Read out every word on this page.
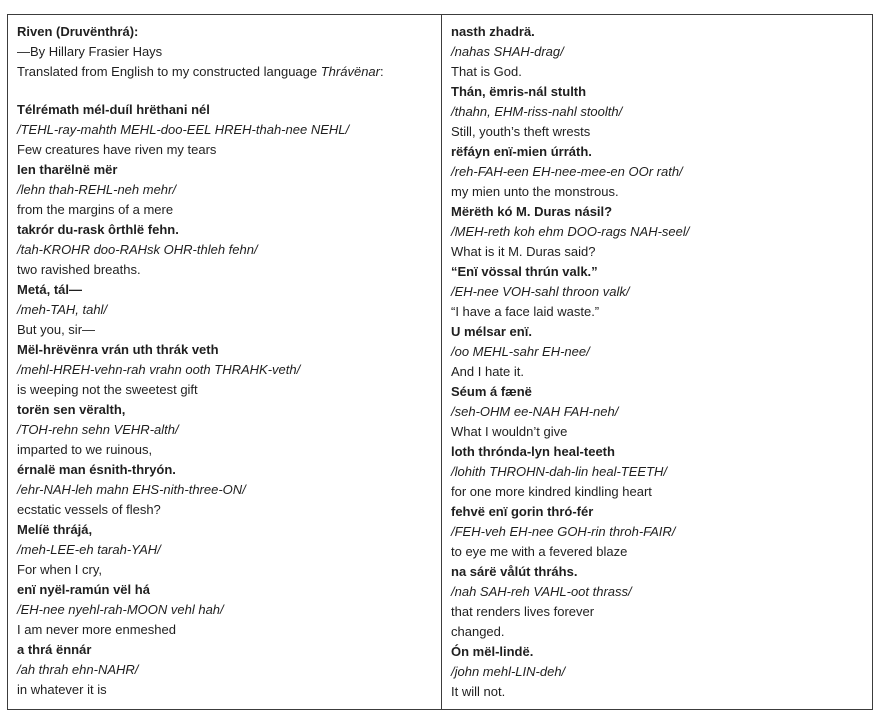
Riven (Druvënthrá):
—By Hillary Frasier Hays
Translated from English to my constructed language Thrávënar:
Télrémath mél-duíl hrëthani nél
/TEHL-ray-mahth MEHL-doo-EEL HREH-thah-nee NEHL/
Few creatures have riven my tears
Ien tharëlnë mër
/lehn thah-REHL-neh mehr/
from the margins of a mere
takrór du-rask ôrthlë fehn.
/tah-KROHR doo-RAHsk OHR-thleh fehn/
two ravished breaths.
Metá, tál—
/meh-TAH, tahl/
But you, sir—
Mël-hrëvënra vrán uth thrák veth
/mehl-HREH-vehn-rah vrahn ooth THRAHK-veth/
is weeping not the sweetest gift
torën sen vëralth,
/TOH-rehn sehn VEHR-alth/
imparted to we ruinous,
érnalë man ésnith-thryón.
/ehr-NAH-leh mahn EHS-nith-three-ON/
ecstatic vessels of flesh?
Melíë thrájá,
/meh-LEE-eh tarah-YAH/
For when I cry,
enï nyël-ramún vël há
/EH-nee nyehl-rah-MOON vehl hah/
I am never more enmeshed
a thrá ënnár
/ah thrah ehn-NAHR/
in whatever it is
nasth zhadrä.
/nahas SHAH-drag/
That is God.
Thán, ëmris-nál stulth
/thahn, EHM-riss-nahl stoolth/
Still, youth’s theft wrests
rëfáyn enï-mien úrráth.
/reh-FAH-een EH-nee-mee-en OOr rath/
my mien unto the monstrous.
Mërëth kó M. Duras násil?
/MEH-reth koh ehm DOO-rags NAH-seel/
What is it M. Duras said?
“Enï vössal thrún valk.”
/EH-nee VOH-sahl throon valk/
“I have a face laid waste.”
U mélsar enï.
/oo MEHL-sahr EH-nee/
And I hate it.
Séum á fænë
/seh-OHM ee-NAH FAH-neh/
What I wouldn’t give
loth thrónda-lyn heal-teeth
/lohith THROHN-dah-lin heal-TEETH/
for one more kindred kindling heart
fehvë enï gorin thró-fér
/FEH-veh EH-nee GOH-rin throh-FAIR/
to eye me with a fevered blaze
na sárë vålút thráhs.
/nah SAH-reh VAHL-oot thrass/
that renders lives forever
changed.
Ón mël-lindë.
/john mehl-LIN-deh/
It will not.
